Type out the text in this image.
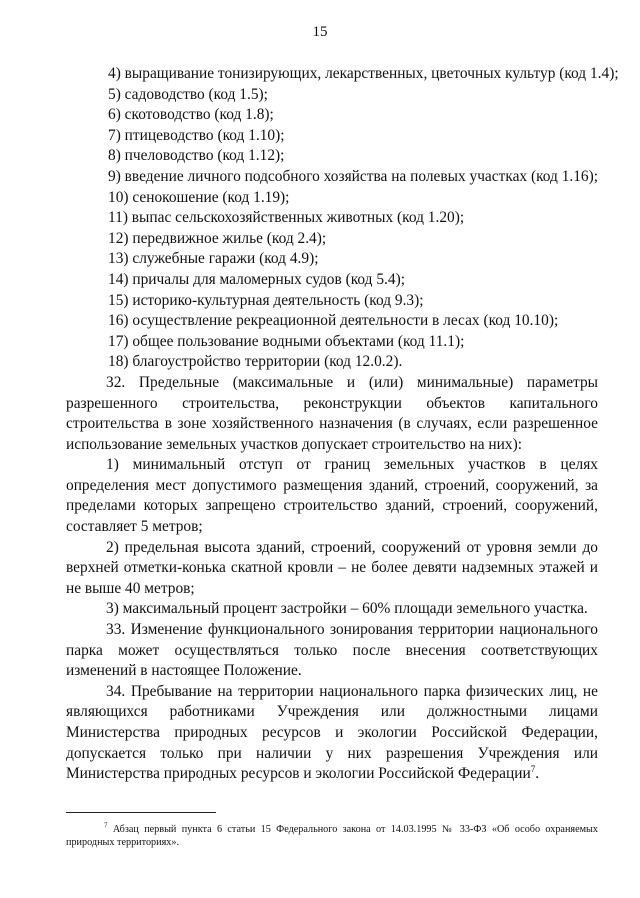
15
4) выращивание тонизирующих, лекарственных, цветочных культур (код 1.4);
5) садоводство (код 1.5);
6) скотоводство (код 1.8);
7) птицеводство (код 1.10);
8) пчеловодство (код 1.12);
9) введение личного подсобного хозяйства на полевых участках (код 1.16);
10) сенокошение (код 1.19);
11) выпас сельскохозяйственных животных (код 1.20);
12) передвижное жилье (код 2.4);
13) служебные гаражи (код 4.9);
14) причалы для маломерных судов (код 5.4);
15) историко-культурная деятельность (код 9.3);
16) осуществление рекреационной деятельности в лесах (код 10.10);
17) общее пользование водными объектами (код 11.1);
18) благоустройство территории (код 12.0.2).

32. Предельные (максимальные и (или) минимальные) параметры разрешенного строительства, реконструкции объектов капитального строительства в зоне хозяйственного назначения (в случаях, если разрешенное использование земельных участков допускает строительство на них):

1) минимальный отступ от границ земельных участков в целях определения мест допустимого размещения зданий, строений, сооружений, за пределами которых запрещено строительство зданий, строений, сооружений, составляет 5 метров;

2) предельная высота зданий, строений, сооружений от уровня земли до верхней отметки-конька скатной кровли – не более девяти надземных этажей и не выше 40 метров;

3) максимальный процент застройки – 60% площади земельного участка.

33. Изменение функционального зонирования территории национального парка может осуществляться только после внесения соответствующих изменений в настоящее Положение.

34. Пребывание на территории национального парка физических лиц, не являющихся работниками Учреждения или должностными лицами Министерства природных ресурсов и экологии Российской Федерации, допускается только при наличии у них разрешения Учреждения или Министерства природных ресурсов и экологии Российской Федерации$^7$.

$^7$ Абзац первый пункта 6 статьи 15 Федерального закона от 14.03.1995 № 33-ФЗ «Об особо охраняемых природных территориях».
